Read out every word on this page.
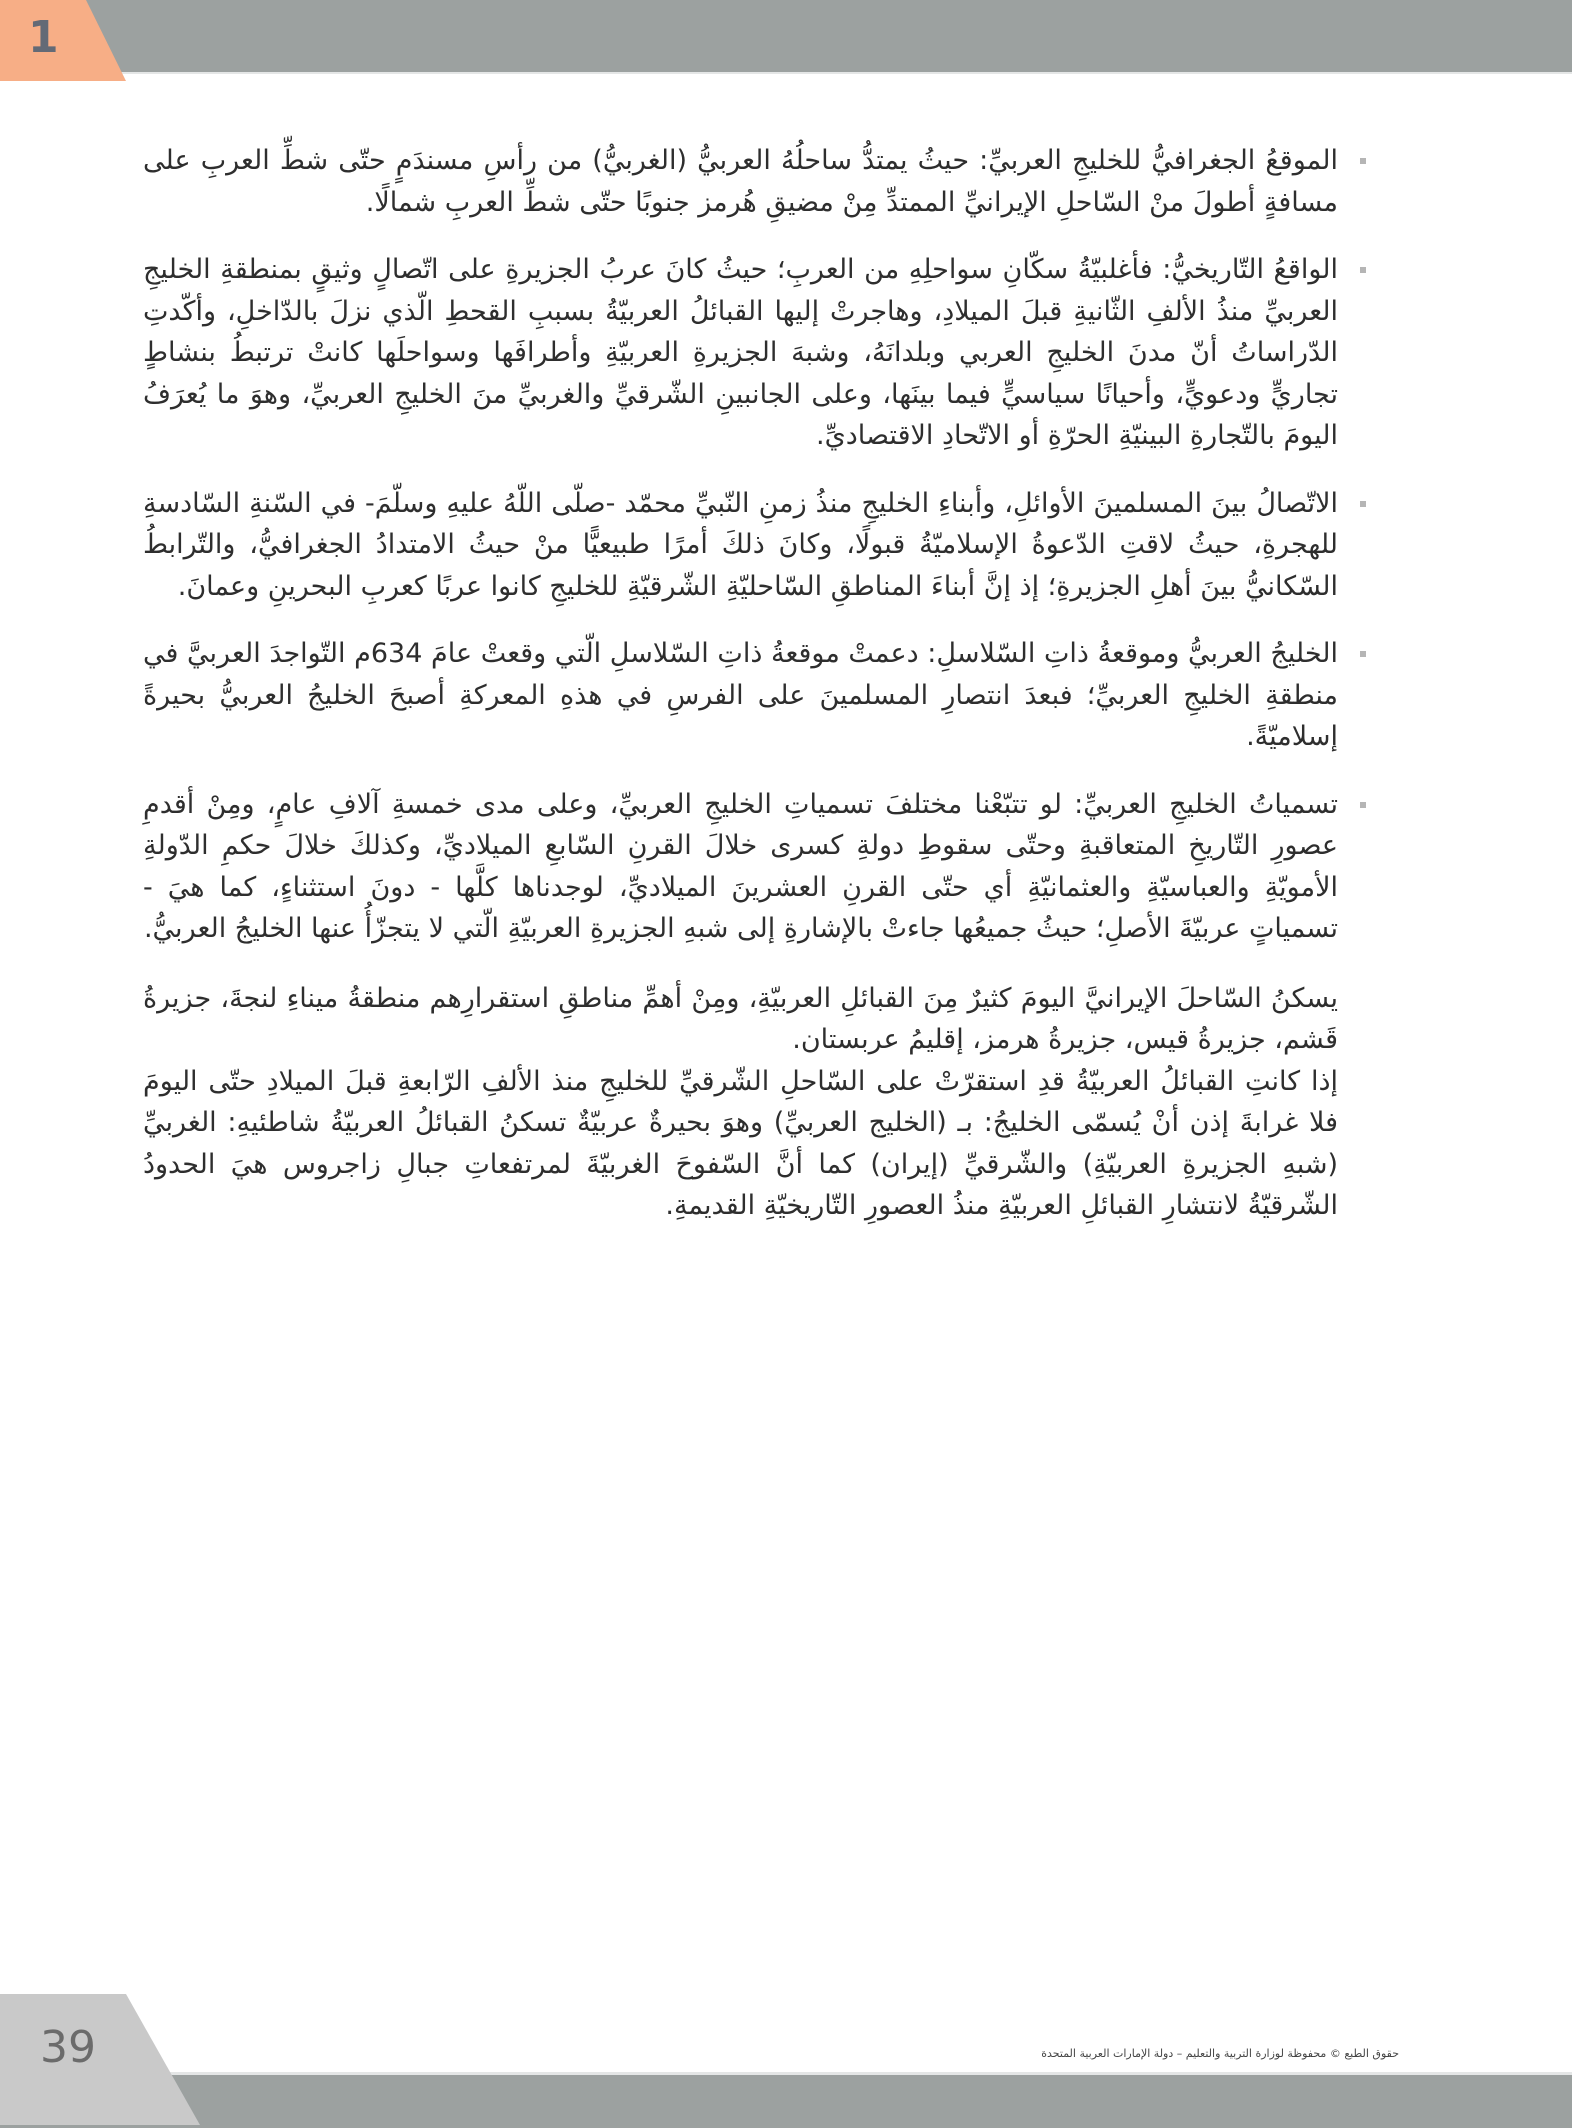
1
الموقعُ الجغرافيُّ للخليجِ العربيِّ: حيثُ يمتدُّ ساحلُهُ العربيُّ (الغربيُّ) من رأسِ مسندَمٍ حتّى شطِّ العربِ على مسافةٍ أطولَ منْ السّاحلِ الإيرانيِّ الممتدِّ مِنْ مضيقِ هُرمز جنوبًا حتّى شطِّ العربِ شمالًا.
الواقعُ التّاريخيُّ: فأغلبيّةُ سكّانِ سواحلِهِ من العربِ؛ حيثُ كانَ عربُ الجزيرةِ على اتّصالٍ وثيقٍ بمنطقةِ الخليجِ العربيِّ منذُ الألفِ الثّانيةِ قبلَ الميلادِ، وهاجرتْ إليها القبائلُ العربيّةُ بسببِ القحطِ الّذي نزلَ بالدّاخلِ، وأكّدتِ الدّراساتُ أنّ مدنَ الخليجِ العربي وبلدانَهُ، وشبهَ الجزيرةِ العربيّةِ وأطرافَها وسواحلَها كانتْ ترتبطُ بنشاطٍ تجاريٍّ ودعويٍّ، وأحيانًا سياسيٍّ فيما بينَها، وعلى الجانبينِ الشّرقيِّ والغربيِّ منَ الخليجِ العربيِّ، وهوَ ما يُعرَفُ اليومَ بالتّجارةِ البينيّةِ الحرّةِ أو الاتّحادِ الاقتصاديِّ.
الاتّصالُ بينَ المسلمينَ الأوائلِ، وأبناءِ الخليجِ منذُ زمنِ النّبيِّ محمّد -صلّى اللّهُ عليهِ وسلّمَ- في السّنةِ السّادسةِ للهجرةِ، حيثُ لاقتِ الدّعوةُ الإسلاميّةُ قبولًا، وكانَ ذلكَ أمرًا طبيعيًّا منْ حيثُ الامتدادُ الجغرافيُّ، والتّرابطُ السّكانيُّ بينَ أهلِ الجزيرةِ؛ إذ إنَّ أبناءَ المناطقِ السّاحليّةِ الشّرقيّةِ للخليجِ كانوا عربًا كعربِ البحرينِ وعمانَ.
الخليجُ العربيُّ وموقعةُ ذاتِ السّلاسلِ: دعمتْ موقعةُ ذاتِ السّلاسلِ الّتي وقعتْ عامَ 634م التّواجدَ العربيَّ في منطقةِ الخليجِ العربيِّ؛ فبعدَ انتصارِ المسلمينَ على الفرسِ في هذهِ المعركةِ أصبحَ الخليجُ العربيُّ بحيرةً إسلاميّةً.
تسمياتُ الخليجِ العربيِّ: لو تتبّعْنا مختلفَ تسمياتِ الخليجِ العربيِّ، وعلى مدى خمسةِ آلافِ عامٍ، ومِنْ أقدمِ عصورِ التّاريخِ المتعاقبةِ وحتّى سقوطِ دولةِ كسرى خلالَ القرنِ السّابعِ الميلاديِّ، وكذلكَ خلالَ حكمِ الدّولةِ الأمويّةِ والعباسيّةِ والعثمانيّةِ أي حتّى القرنِ العشرينَ الميلاديِّ، لوجدناها كلَّها - دونَ استثناءٍ، كما هيَ - تسمياتٍ عربيّةَ الأصلِ؛ حيثُ جميعُها جاءتْ بالإشارةِ إلى شبهِ الجزيرةِ العربيّةِ الّتي لا يتجزّأُ عنها الخليجُ العربيُّ.

يسكنُ السّاحلَ الإيرانيَّ اليومَ كثيرٌ مِنَ القبائلِ العربيّةِ، ومِنْ أهمِّ مناطقِ استقرارِهم منطقةُ ميناءِ لنجةَ، جزيرةُ قَشم، جزيرةُ قيس، جزيرةُ هرمز، إقليمُ عربستان.

إذا كانتِ القبائلُ العربيّةُ قدِ استقرّتْ على السّاحلِ الشّرقيِّ للخليجِ منذ الألفِ الرّابعةِ قبلَ الميلادِ حتّى اليومَ فلا غرابةَ إذن أنْ يُسمّى الخليجُ: بـ (الخليج العربيِّ) وهوَ بحيرةٌ عربيّةٌ تسكنُ القبائلُ العربيّةُ شاطئيهِ: الغربيِّ (شبهِ الجزيرةِ العربيّةِ) والشّرقيِّ (إيران) كما أنَّ السّفوحَ الغربيّةَ لمرتفعاتِ جبالِ زاجروس هيَ الحدودُ الشّرقيّةُ لانتشارِ القبائلِ العربيّةِ منذُ العصورِ التّاريخيّةِ القديمةِ.

39	حقوق الطبع © محفوظة لوزارة التربية والتعليم – دولة الإمارات العربية المتحدة
